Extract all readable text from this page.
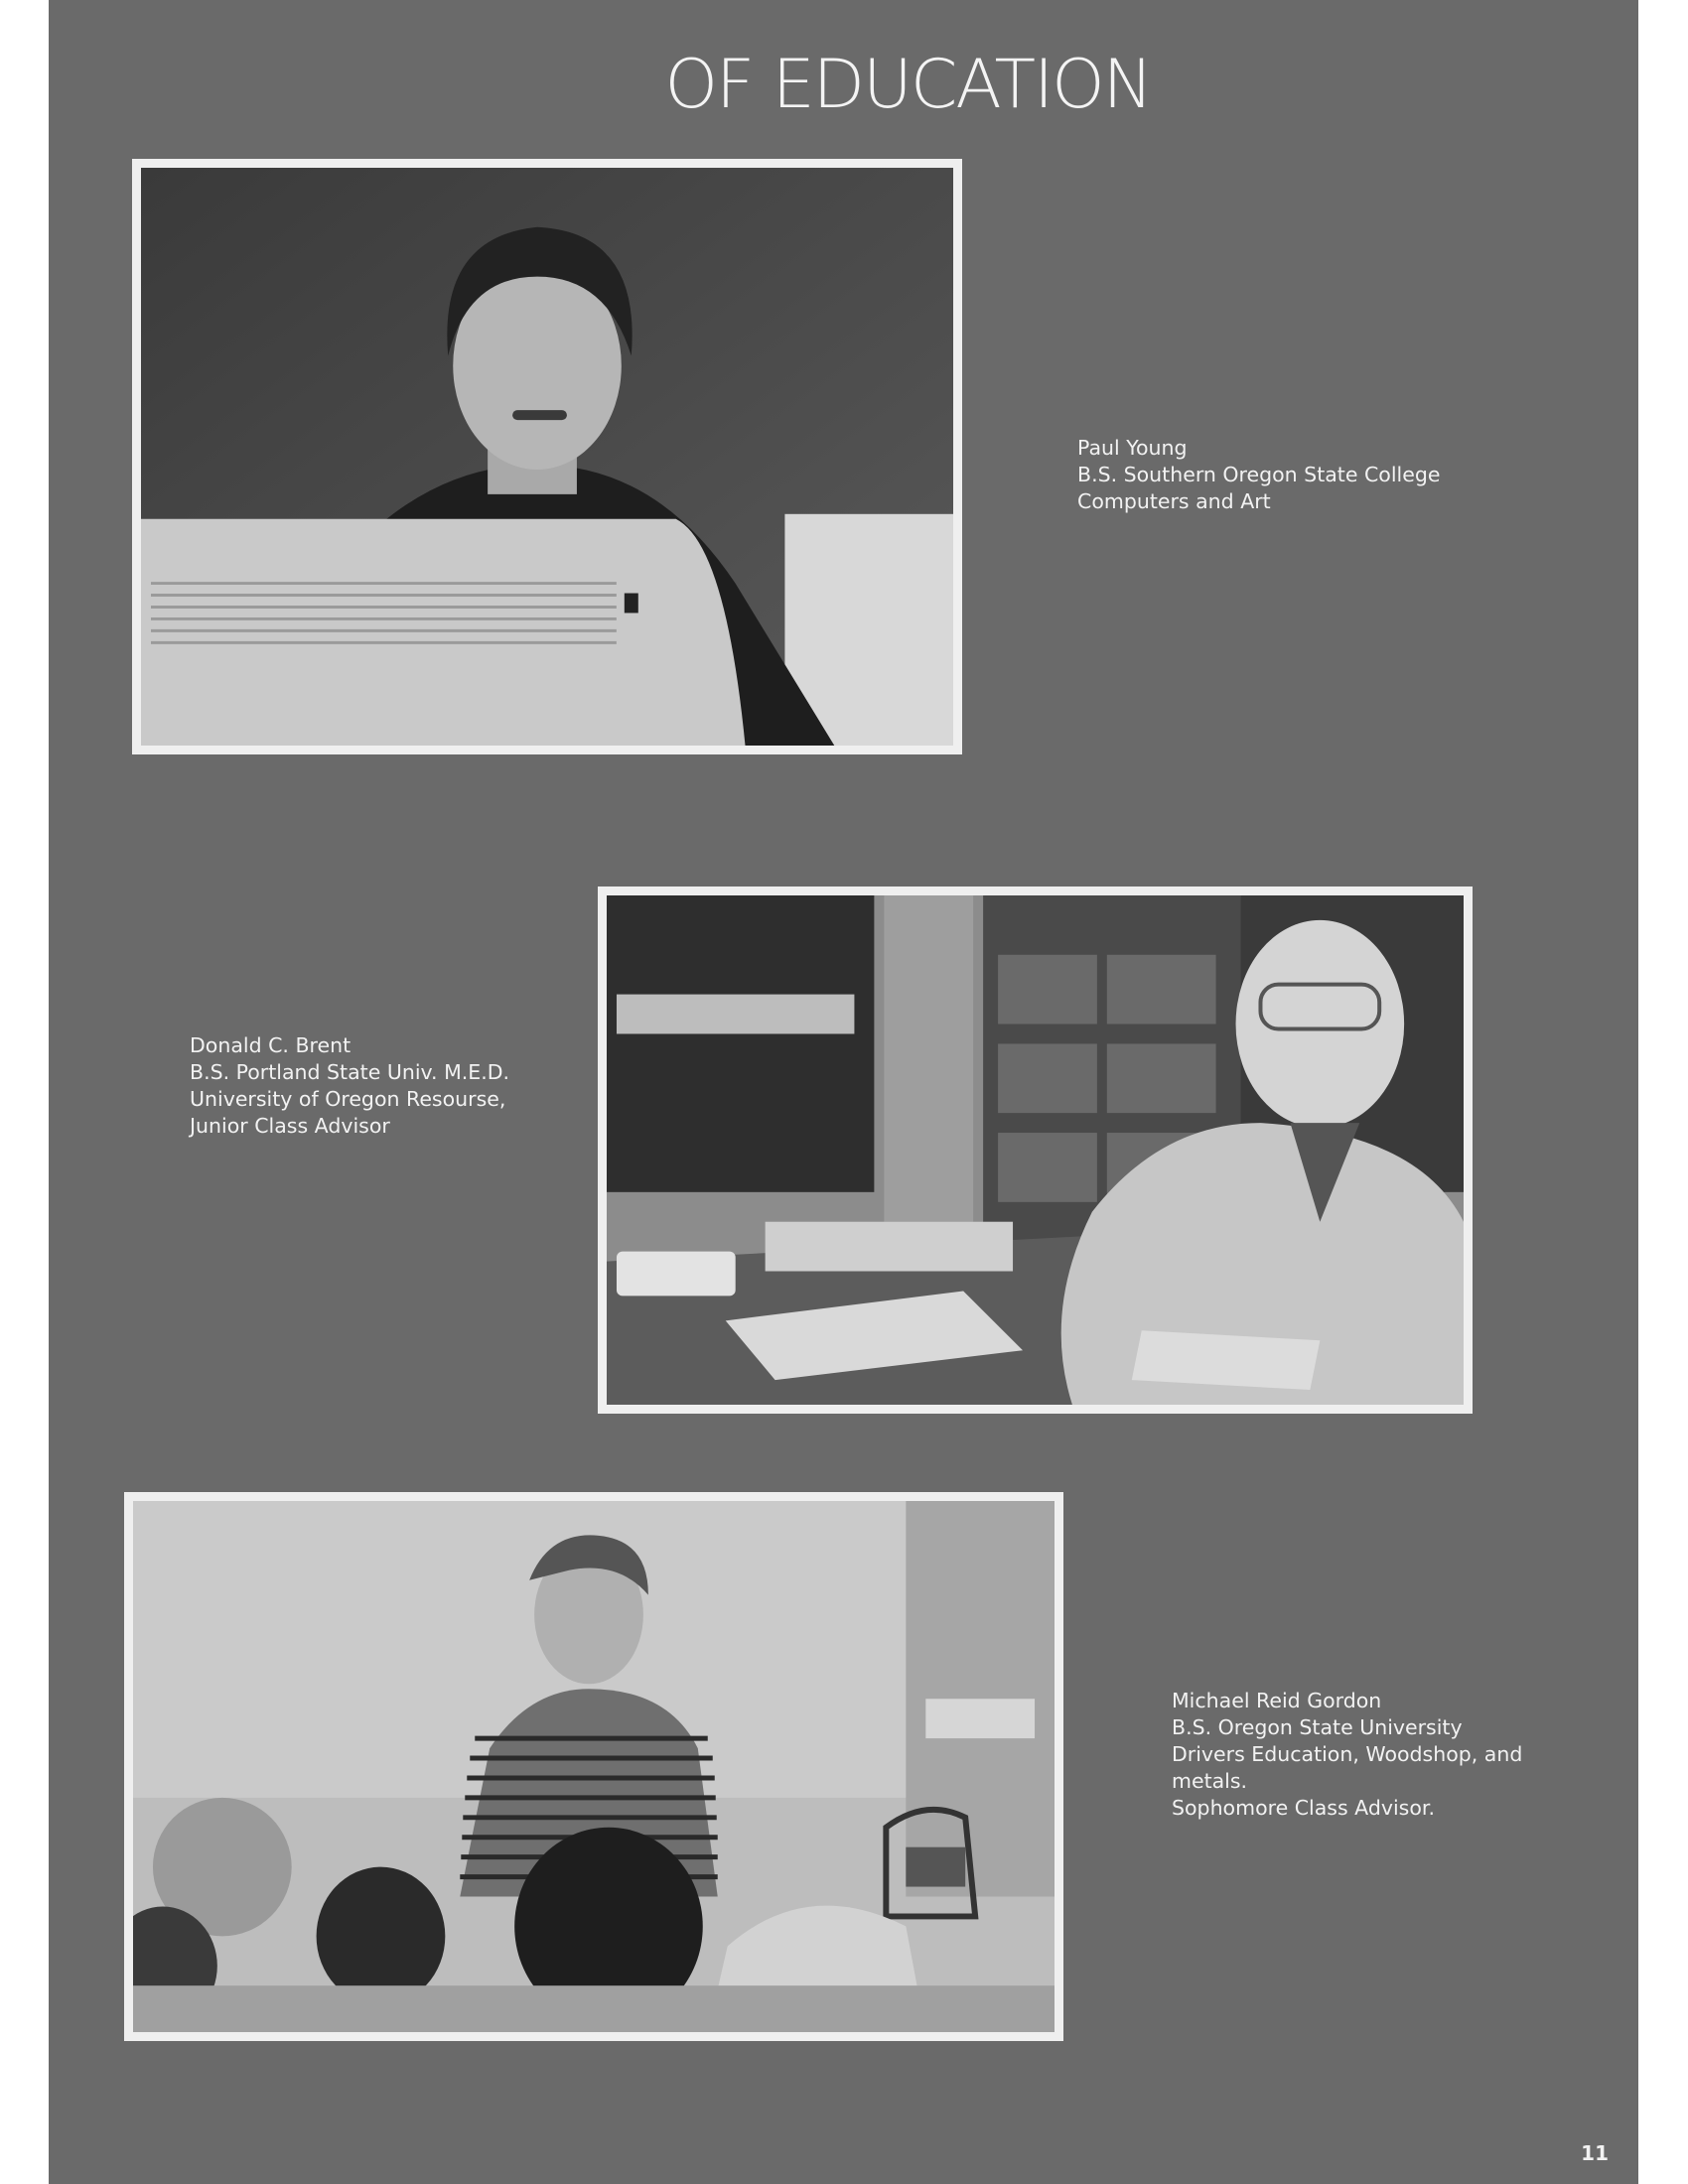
OF EDUCATION
Paul Young
B.S. Southern Oregon State College
Computers and Art
Donald C. Brent
B.S. Portland State Univ. M.E.D.
University of Oregon Resourse,
Junior Class Advisor
Michael Reid Gordon
B.S. Oregon State University
Drivers Education, Woodshop, and
metals.
Sophomore Class Advisor.
11
